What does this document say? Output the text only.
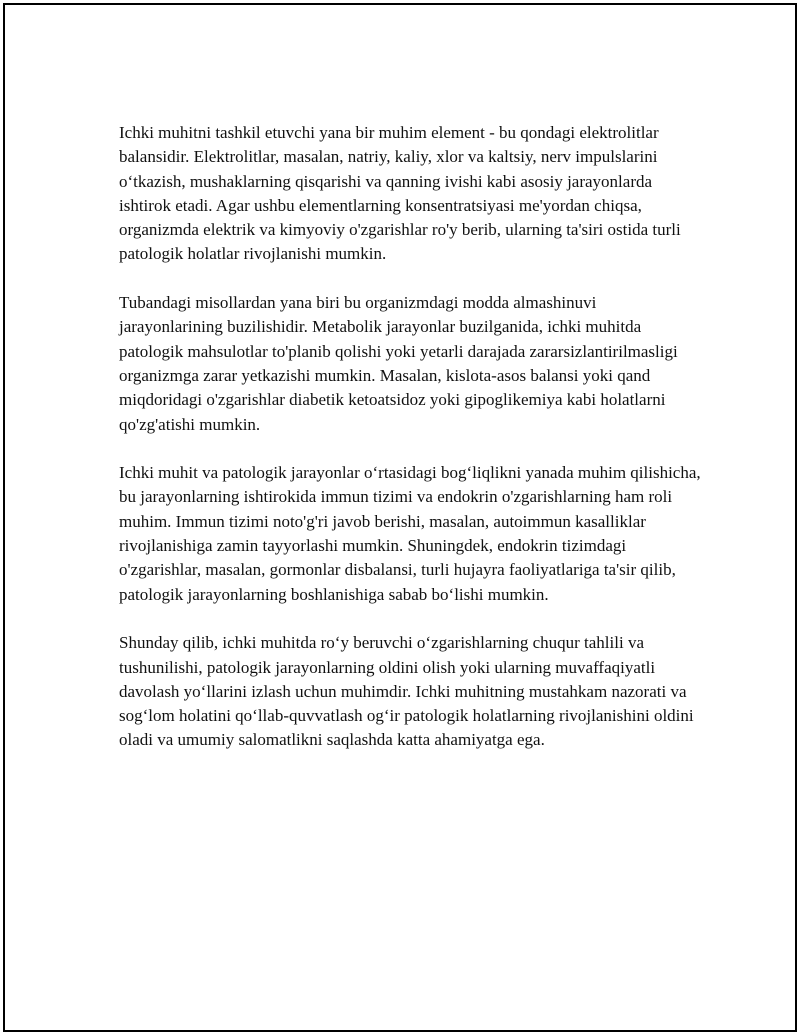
Ichki muhitni tashkil etuvchi yana bir muhim element - bu qondagi elektrolitlar balansidir. Elektrolitlar, masalan, natriy, kaliy, xlor va kaltsiy, nerv impulslarini o‘tkazish, mushaklarning qisqarishi va qanning ivishi kabi asosiy jarayonlarda ishtirok etadi. Agar ushbu elementlarning konsentratsiyasi me'yordan chiqsa, organizmda elektrik va kimyoviy o'zgarishlar ro'y berib, ularning ta'siri ostida turli patologik holatlar rivojlanishi mumkin.

Tubandagi misollardan yana biri bu organizmdagi modda almashinuvi jarayonlarining buzilishidir. Metabolik jarayonlar buzilganida, ichki muhitda patologik mahsulotlar to'planib qolishi yoki yetarli darajada zararsizlantirilmasligi organizmga zarar yetkazishi mumkin. Masalan, kislota-asos balansi yoki qand miqdoridagi o'zgarishlar diabetik ketoatsidoz yoki gipoglikemiya kabi holatlarni qo'zg'atishi mumkin.

Ichki muhit va patologik jarayonlar o‘rtasidagi bog‘liqlikni yanada muhim qilishicha, bu jarayonlarning ishtirokida immun tizimi va endokrin o'zgarishlarning ham roli muhim. Immun tizimi noto'g'ri javob berishi, masalan, autoimmun kasalliklar rivojlanishiga zamin tayyorlashi mumkin. Shuningdek, endokrin tizimdagi o'zgarishlar, masalan, gormonlar disbalansi, turli hujayra faoliyatlariga ta'sir qilib, patologik jarayonlarning boshlanishiga sabab bo‘lishi mumkin.

Shunday qilib, ichki muhitda ro‘y beruvchi o‘zgarishlarning chuqur tahlili va tushunilishi, patologik jarayonlarning oldini olish yoki ularning muvaffaqiyatli davolash yo‘llarini izlash uchun muhimdir. Ichki muhitning mustahkam nazorati va sog‘lom holatini qo‘llab-quvvatlash og‘ir patologik holatlarning rivojlanishini oldini oladi va umumiy salomatlikni saqlashda katta ahamiyatga ega.
